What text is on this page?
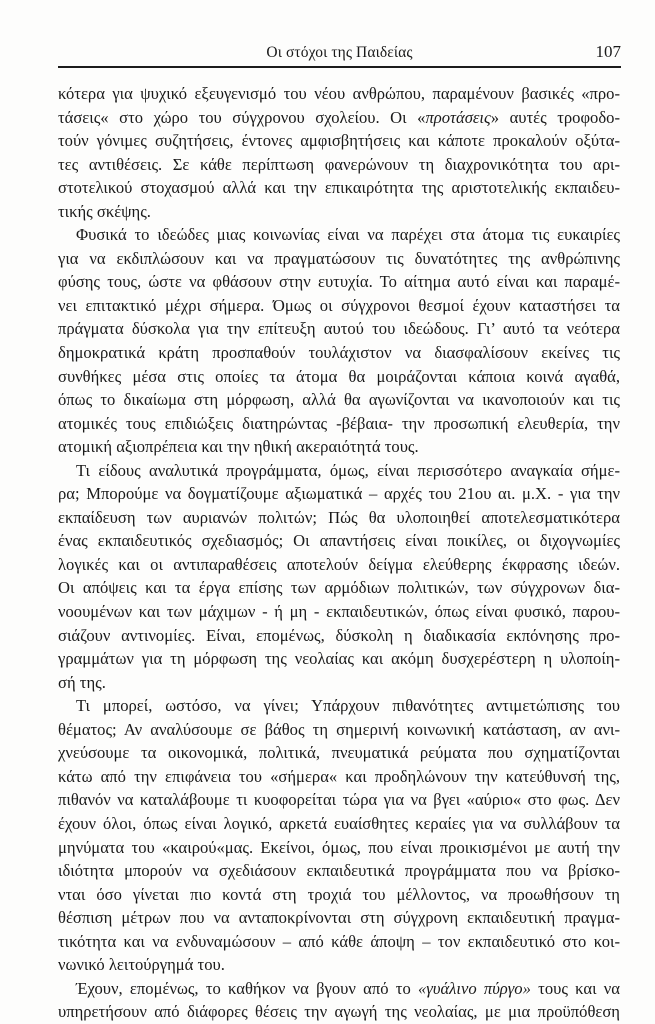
Οι στόχοι της Παιδείας	107
κότερα για ψυχικό εξευγενισμό του νέου ανθρώπου, παραμένουν βασικές «προ-
τάσεις« στο χώρο του σύγχρονου σχολείου. Οι «προτάσεις» αυτές τροφοδο-
τούν γόνιμες συζητήσεις, έντονες αμφισβητήσεις και κάποτε προκαλούν οξύτα-
τες αντιθέσεις. Σε κάθε περίπτωση φανερώνουν τη διαχρονικότητα του αρι-
στοτελικού στοχασμού αλλά και την επικαιρότητα της αριστοτελικής εκπαιδευ-
τικής σκέψης.
Φυσικά το ιδεώδες μιας κοινωνίας είναι να παρέχει στα άτομα τις ευκαιρίες
για να εκδιπλώσουν και να πραγματώσουν τις δυνατότητες της ανθρώπινης
φύσης τους, ώστε να φθάσουν στην ευτυχία. Το αίτημα αυτό είναι και παραμέ-
νει επιτακτικό μέχρι σήμερα. Όμως οι σύγχρονοι θεσμοί έχουν καταστήσει τα
πράγματα δύσκολα για την επίτευξη αυτού του ιδεώδους. Γι’ αυτό τα νεότερα
δημοκρατικά κράτη προσπαθούν τουλάχιστον να διασφαλίσουν εκείνες τις
συνθήκες μέσα στις οποίες τα άτομα θα μοιράζονται κάποια κοινά αγαθά,
όπως το δικαίωμα στη μόρφωση, αλλά θα αγωνίζονται να ικανοποιούν και τις
ατομικές τους επιδιώξεις διατηρώντας -βέβαια- την προσωπική ελευθερία, την
ατομική αξιοπρέπεια και την ηθική ακεραιότητά τους.
Τι είδους αναλυτικά προγράμματα, όμως, είναι περισσότερο αναγκαία σήμε-
ρα; Μπορούμε να δογματίζουμε αξιωματικά – αρχές του 21ου αι. μ.Χ. - για την
εκπαίδευση των αυριανών πολιτών; Πώς θα υλοποιηθεί αποτελεσματικότερα
ένας εκπαιδευτικός σχεδιασμός; Οι απαντήσεις είναι ποικίλες, οι διχογνωμίες
λογικές και οι αντιπαραθέσεις αποτελούν δείγμα ελεύθερης έκφρασης ιδεών.
Οι απόψεις και τα έργα επίσης των αρμόδιων πολιτικών, των σύγχρονων δια-
νοουμένων και των μάχιμων - ή μη - εκπαιδευτικών, όπως είναι φυσικό, παρου-
σιάζουν αντινομίες. Είναι, επομένως, δύσκολη η διαδικασία εκπόνησης προ-
γραμμάτων για τη μόρφωση της νεολαίας και ακόμη δυσχερέστερη η υλοποίη-
σή της.
Τι μπορεί, ωστόσο, να γίνει; Υπάρχουν πιθανότητες αντιμετώπισης του
θέματος; Αν αναλύσουμε σε βάθος τη σημερινή κοινωνική κατάσταση, αν ανι-
χνεύσουμε τα οικονομικά, πολιτικά, πνευματικά ρεύματα που σχηματίζονται
κάτω από την επιφάνεια του «σήμερα« και προδηλώνουν την κατεύθυνσή της,
πιθανόν να καταλάβουμε τι κυοφορείται τώρα για να βγει «αύριο« στο φως. Δεν
έχουν όλοι, όπως είναι λογικό, αρκετά ευαίσθητες κεραίες για να συλλάβουν τα
μηνύματα του «καιρού«μας. Εκείνοι, όμως, που είναι προικισμένοι με αυτή την
ιδιότητα μπορούν να σχεδιάσουν εκπαιδευτικά προγράμματα που να βρίσκο-
νται όσο γίνεται πιο κοντά στη τροχιά του μέλλοντος, να προωθήσουν τη
θέσπιση μέτρων που να ανταποκρίνονται στη σύγχρονη εκπαιδευτική πραγμα-
τικότητα και να ενδυναμώσουν – από κάθε άποψη – τον εκπαιδευτικό στο κοι-
νωνικό λειτούργημά του.
Έχουν, επομένως, το καθήκον να βγουν από το «γυάλινο πύργο» τους και να
υπηρετήσουν από διάφορες θέσεις την αγωγή της νεολαίας, με μια προϋπόθεση
